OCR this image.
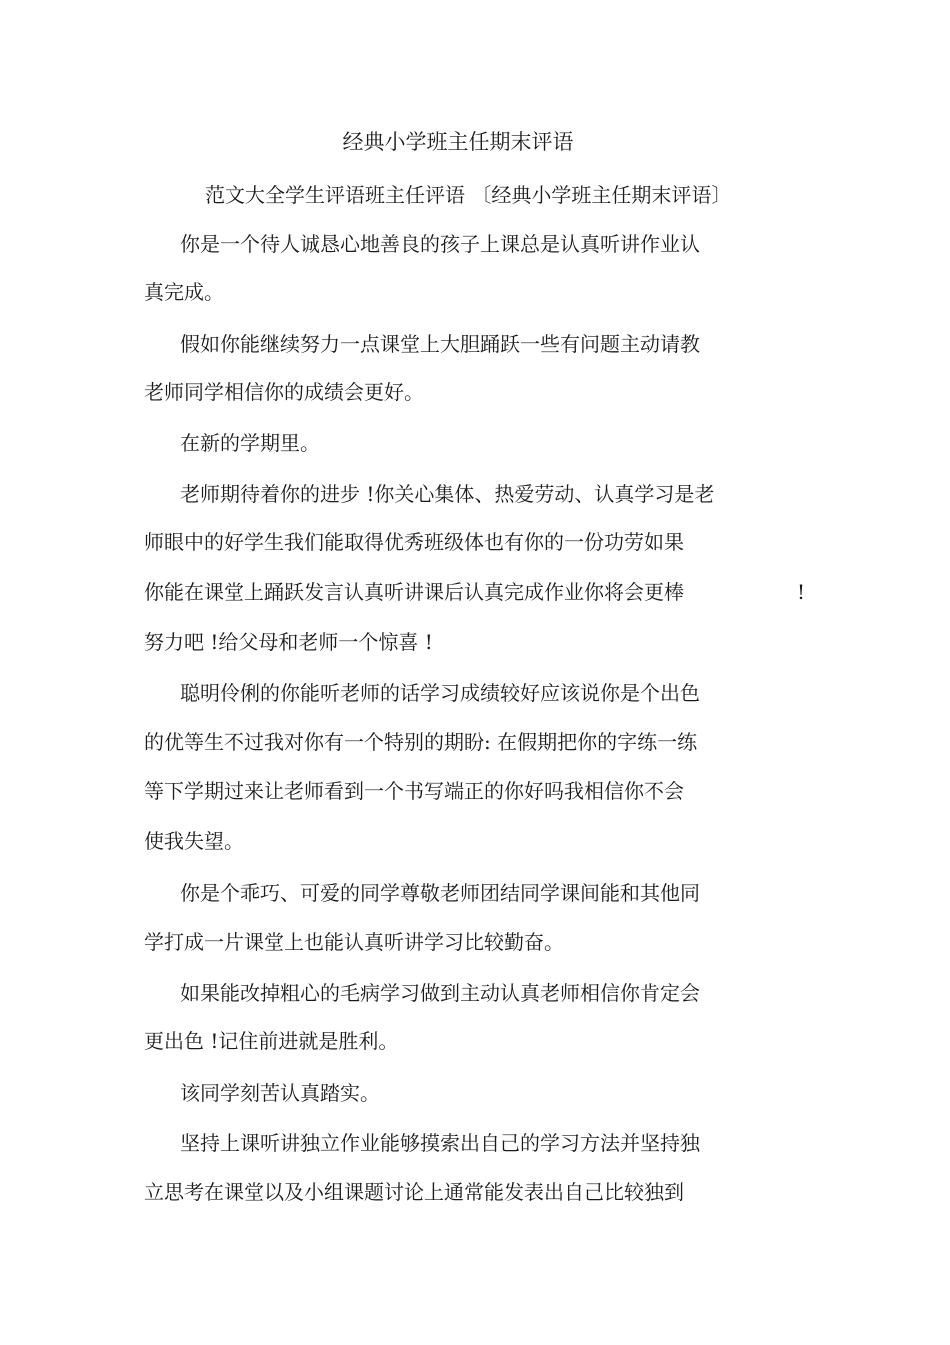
经典小学班主任期末评语
范文大全学生评语班主任评语 〔经典小学班主任期末评语〕
你是一个待人诚恳心地善良的孩子上课总是认真听讲作业认
真完成。
假如你能继续努力一点课堂上大胆踊跃一些有问题主动请教
老师同学相信你的成绩会更好。
在新的学期里。
老师期待着你的进步 !你关心集体、热爱劳动、认真学习是老
师眼中的好学生我们能取得优秀班级体也有你的一份功劳如果
你能在课堂上踊跃发言认真听讲课后认真完成作业你将会更棒	!
努力吧 !给父母和老师一个惊喜 !
聪明伶俐的你能听老师的话学习成绩较好应该说你是个出色
的优等生不过我对你有一个特别的期盼: 在假期把你的字练一练
等下学期过来让老师看到一个书写端正的你好吗我相信你不会
使我失望。
你是个乖巧、可爱的同学尊敬老师团结同学课间能和其他同
学打成一片课堂上也能认真听讲学习比较勤奋。
如果能改掉粗心的毛病学习做到主动认真老师相信你肯定会
更出色 !记住前进就是胜利。
该同学刻苦认真踏实。
坚持上课听讲独立作业能够摸索出自己的学习方法并坚持独
立思考在课堂以及小组课题讨论上通常能发表出自己比较独到
